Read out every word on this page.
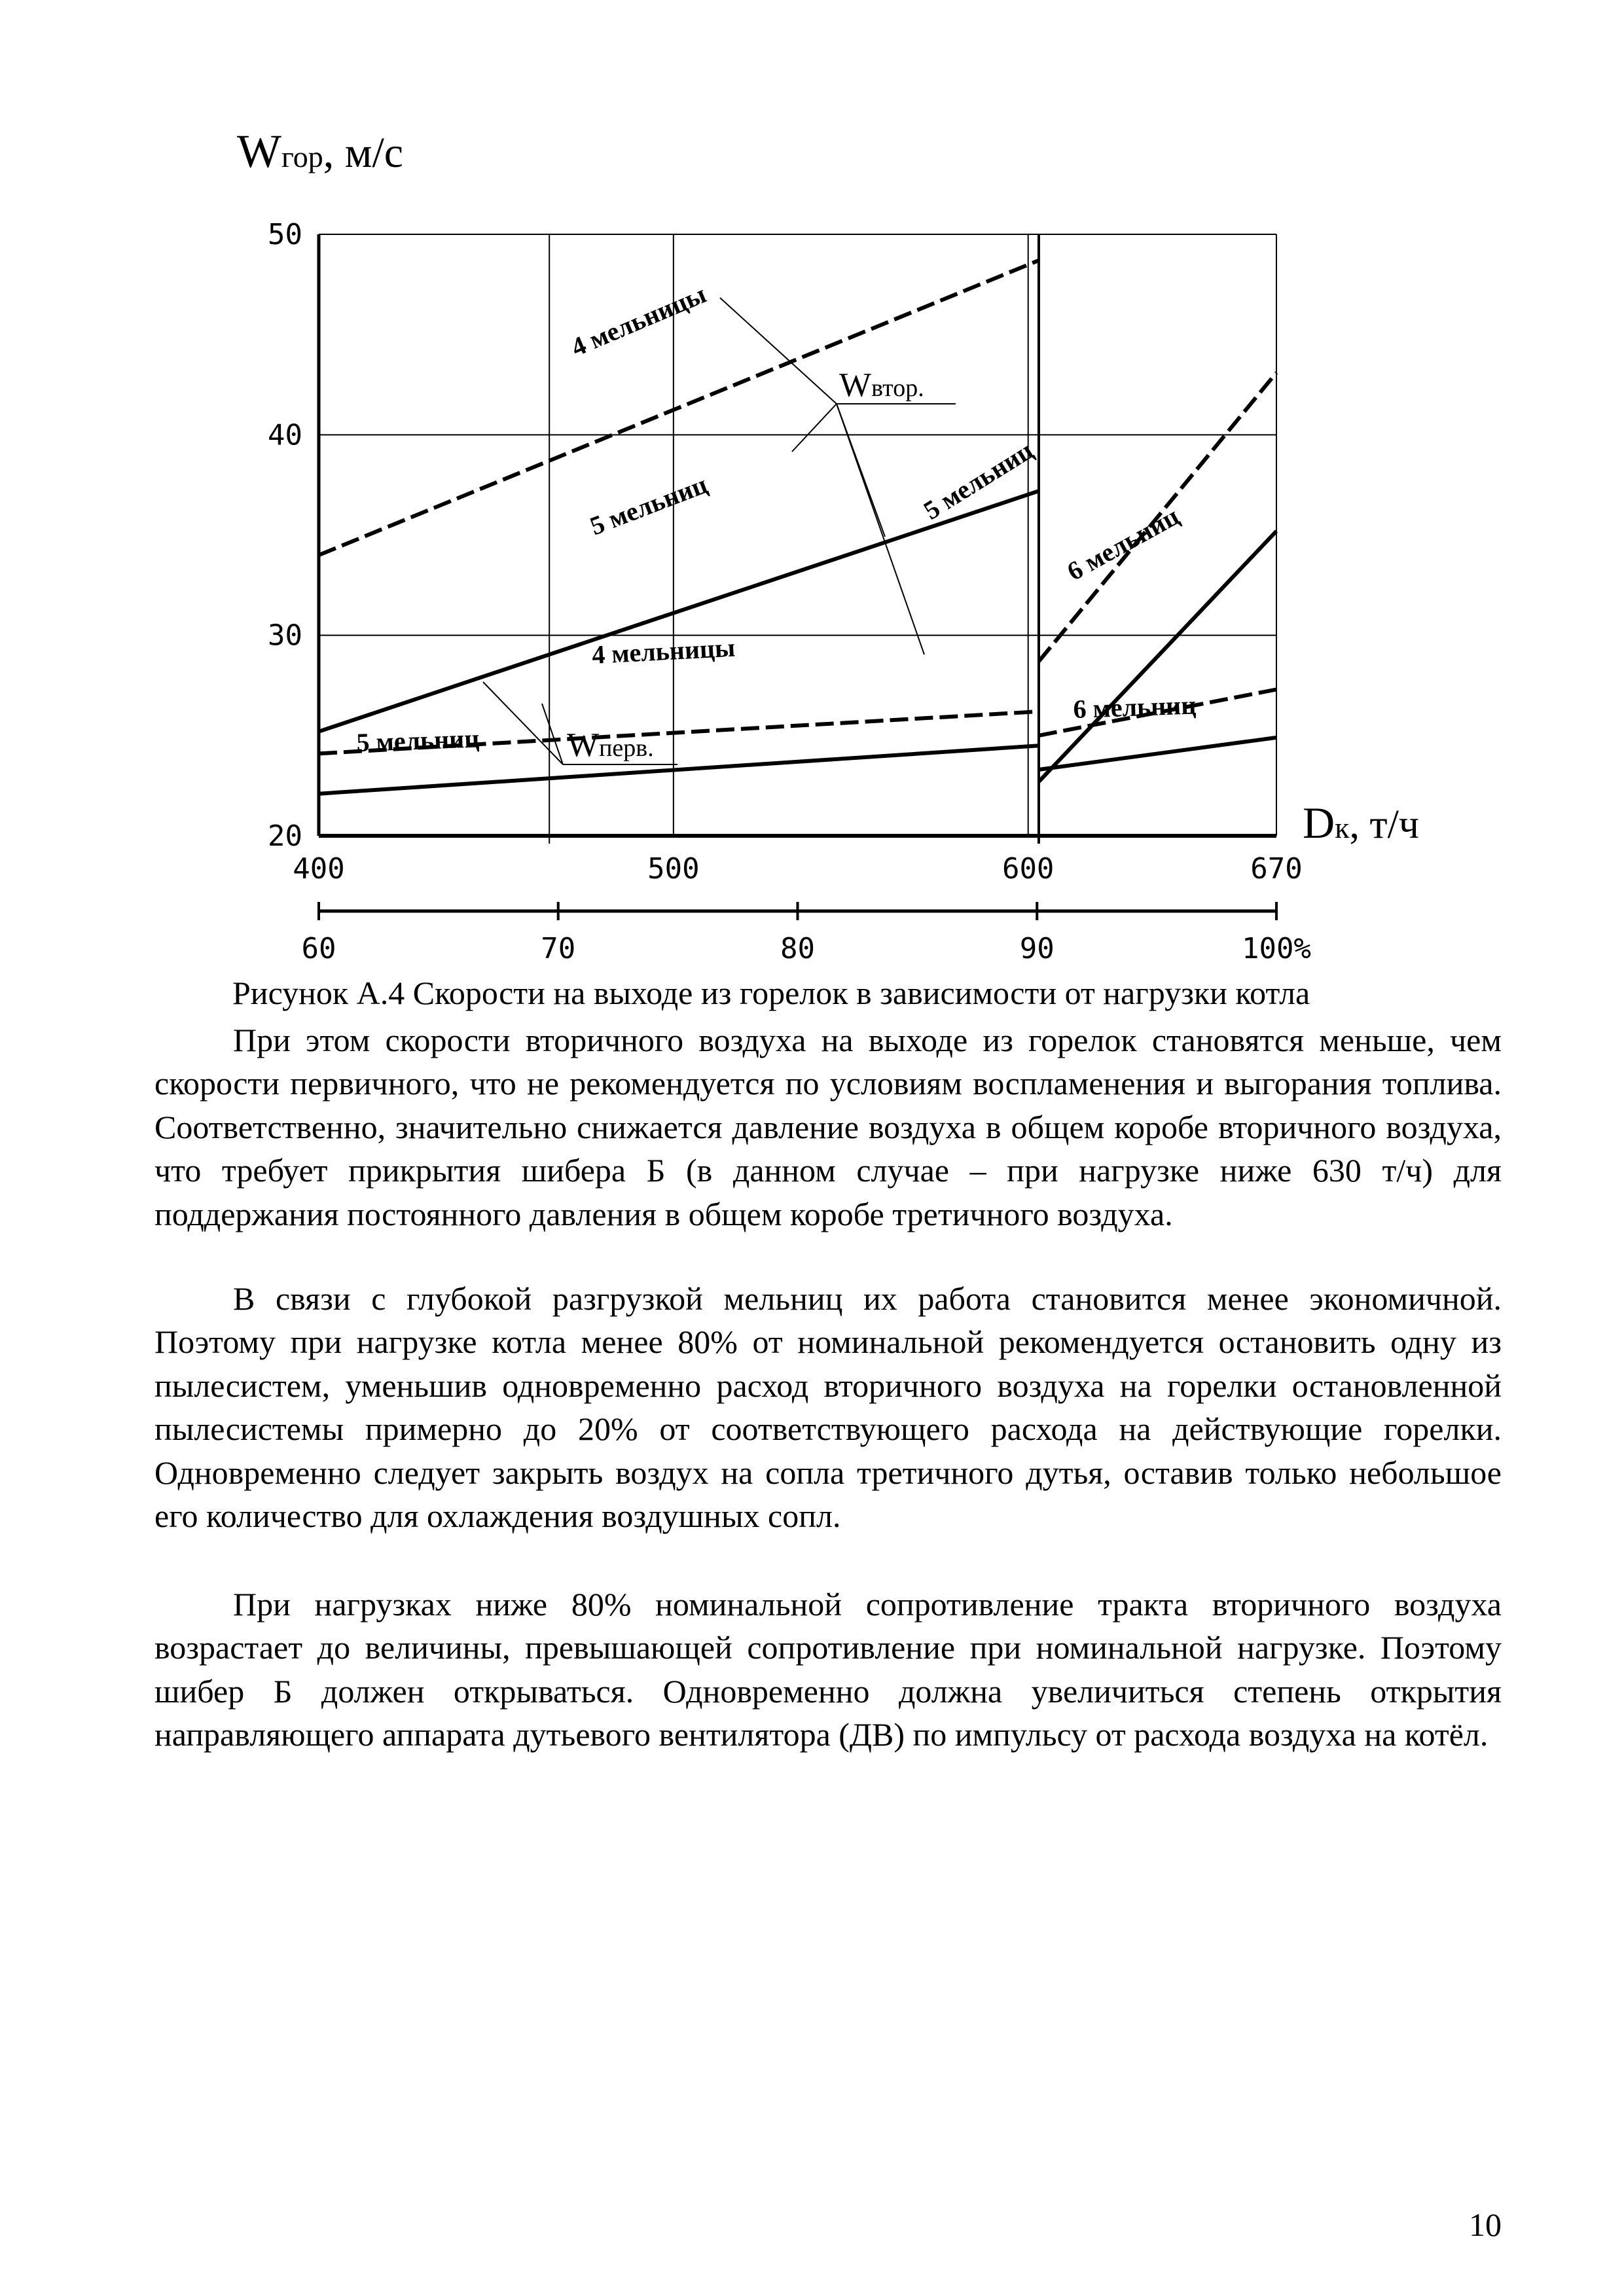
Wгор, м/с
50
40
30
20
400	500	600	670
Dк, т/ч
60	70	80	90	100%
Wвтор.
Wперв.
4 мельницы
5 мельниц	5 мельниц
6 мельниц
4 мельницы
5 мельниц
6 мельниц
Рисунок А.4 Скорости на выходе из горелок в зависимости от нагрузки котла

При этом скорости вторичного воздуха на выходе из горелок становятся меньше, чем скорости первичного, что не рекомендуется по условиям воспламенения и выгорания топлива. Соответственно, значительно снижается давление воздуха в общем коробе вторичного воздуха, что требует прикрытия шибера Б (в данном случае – при нагрузке ниже 630 т/ч) для поддержания постоянного давления в общем коробе третичного воздуха.

В связи с глубокой разгрузкой мельниц их работа становится менее экономичной. Поэтому при нагрузке котла менее 80% от номинальной рекомендуется остановить одну из пылесистем, уменьшив одновременно расход вторичного воздуха на горелки остановленной пылесистемы примерно до 20% от соответствующего расхода на действующие горелки. Одновременно следует закрыть воздух на сопла третичного дутья, оставив только небольшое его количество для охлаждения воздушных сопл.

При нагрузках ниже 80% номинальной сопротивление тракта вторичного воздуха возрастает до величины, превышающей сопротивление при номинальной нагрузке. Поэтому шибер Б должен открываться. Одновременно должна увеличиться степень открытия направляющего аппарата дутьевого вентилятора (ДВ) по импульсу от расхода воздуха на котёл.

10
